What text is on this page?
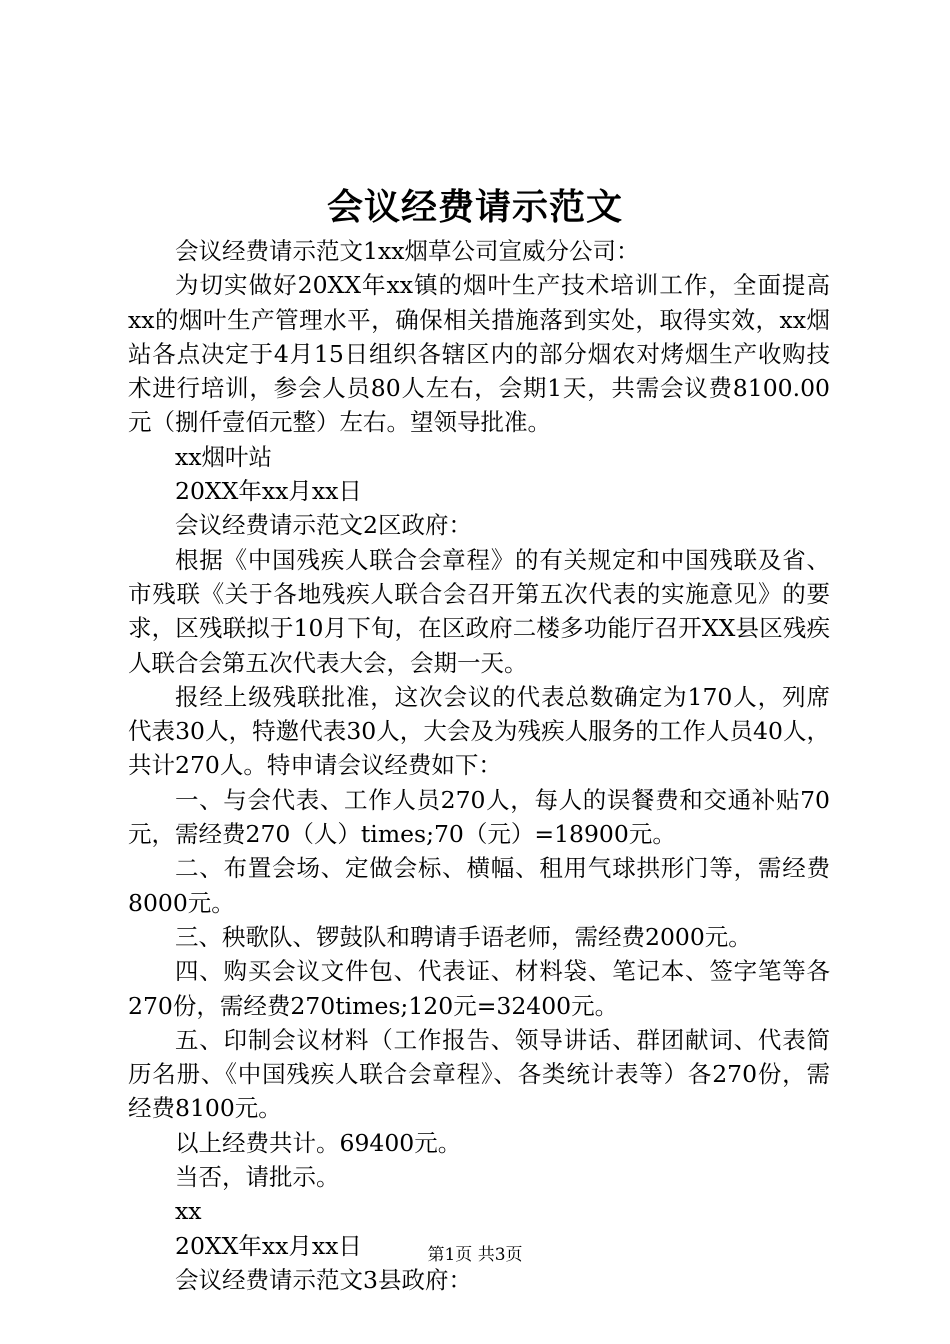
会议经费请示范文

会议经费请示范文1xx烟草公司宣威分公司：

为切实做好20XX年xx镇的烟叶生产技术培训工作，全面提高xx的烟叶生产管理水平，确保相关措施落到实处，取得实效，xx烟站各点决定于4月15日组织各辖区内的部分烟农对烤烟生产收购技术进行培训，参会人员80人左右，会期1天，共需会议费8100.00元（捌仟壹佰元整）左右。望领导批准。

xx烟叶站

20XX年xx月xx日

会议经费请示范文2区政府：

根据《中国残疾人联合会章程》的有关规定和中国残联及省、市残联《关于各地残疾人联合会召开第五次代表的实施意见》的要求，区残联拟于10月下旬，在区政府二楼多功能厅召开XX县区残疾人联合会第五次代表大会，会期一天。

报经上级残联批准，这次会议的代表总数确定为170人，列席代表30人，特邀代表30人，大会及为残疾人服务的工作人员40人，共计270人。特申请会议经费如下：

一、与会代表、工作人员270人，每人的误餐费和交通补贴70元，需经费270（人）times;70（元）=18900元。

二、布置会场、定做会标、横幅、租用气球拱形门等，需经费8000元。

三、秧歌队、锣鼓队和聘请手语老师，需经费2000元。

四、购买会议文件包、代表证、材料袋、笔记本、签字笔等各270份，需经费270times;120元=32400元。

五、印制会议材料（工作报告、领导讲话、群团献词、代表简历名册、《中国残疾人联合会章程》、各类统计表等）各270份，需经费8100元。

以上经费共计。69400元。

当否，请批示。

xx

20XX年xx月xx日

会议经费请示范文3县政府：

第1页 共3页
